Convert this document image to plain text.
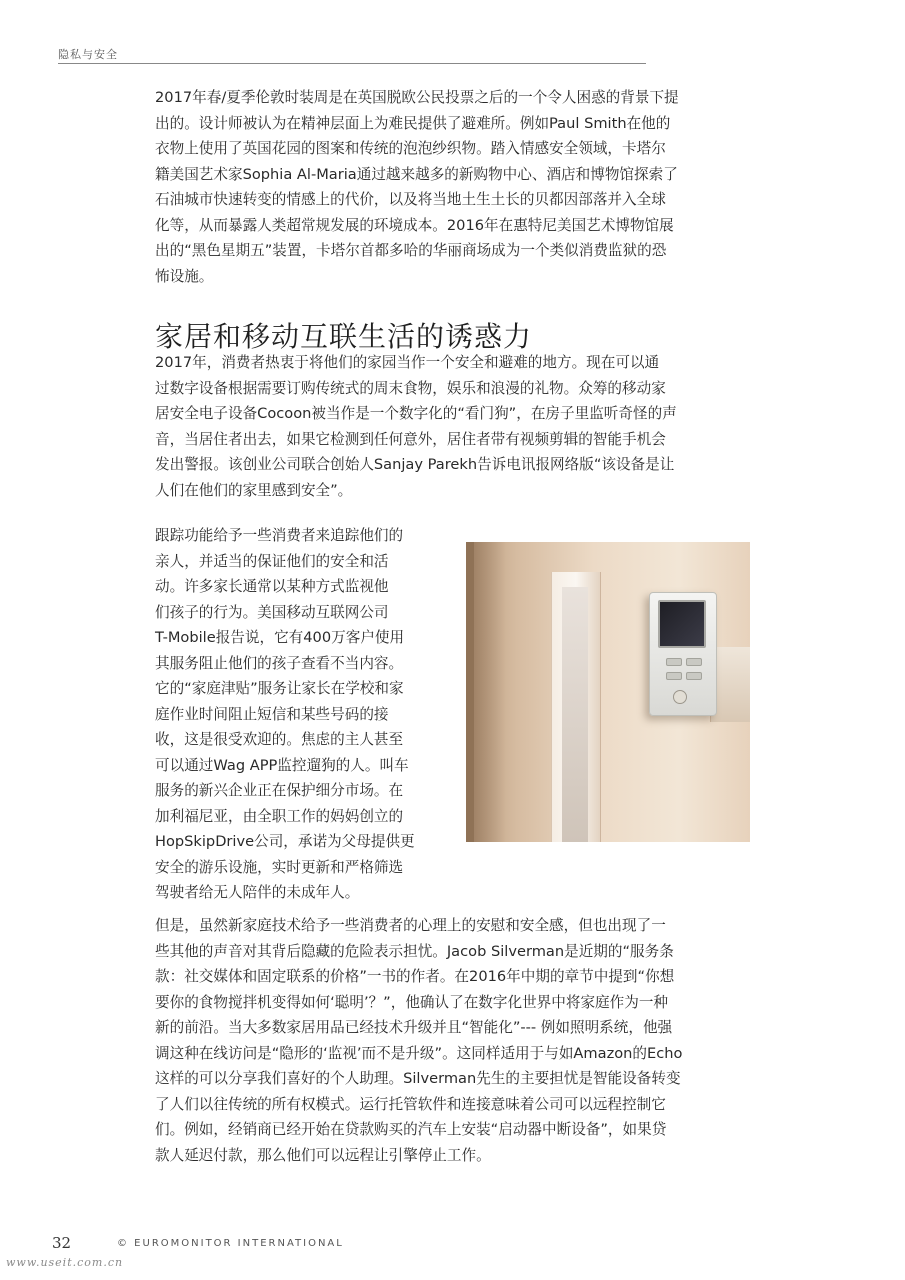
隐私与安全

2017年春/夏季伦敦时装周是在英国脱欧公民投票之后的一个令人困惑的背景下提
出的。设计师被认为在精神层面上为难民提供了避难所。例如Paul Smith在他的
衣物上使用了英国花园的图案和传统的泡泡纱织物。踏入情感安全领域，卡塔尔
籍美国艺术家Sophia Al-Maria通过越来越多的新购物中心、酒店和博物馆探索了
石油城市快速转变的情感上的代价，以及将当地土生土长的贝都因部落并入全球
化等，从而暴露人类超常规发展的环境成本。2016年在惠特尼美国艺术博物馆展
出的“黑色星期五”装置，卡塔尔首都多哈的华丽商场成为一个类似消费监狱的恐
怖设施。

家居和移动互联生活的诱惑力

2017年，消费者热衷于将他们的家园当作一个安全和避难的地方。现在可以通
过数字设备根据需要订购传统式的周末食物，娱乐和浪漫的礼物。众筹的移动家
居安全电子设备Cocoon被当作是一个数字化的“看门狗”，在房子里监听奇怪的声
音，当居住者出去，如果它检测到任何意外，居住者带有视频剪辑的智能手机会
发出警报。该创业公司联合创始人Sanjay Parekh告诉电讯报网络版“该设备是让
人们在他们的家里感到安全”。

跟踪功能给予一些消费者来追踪他们的
亲人，并适当的保证他们的安全和活
动。许多家长通常以某种方式监视他
们孩子的行为。美国移动互联网公司
T-Mobile报告说，它有400万客户使用
其服务阻止他们的孩子查看不当内容。
它的“家庭津贴”服务让家长在学校和家
庭作业时间阻止短信和某些号码的接
收，这是很受欢迎的。焦虑的主人甚至
可以通过Wag APP监控遛狗的人。叫车
服务的新兴企业正在保护细分市场。在
加利福尼亚，由全职工作的妈妈创立的
HopSkipDrive公司，承诺为父母提供更
安全的游乐设施，实时更新和严格筛选
驾驶者给无人陪伴的未成年人。

但是，虽然新家庭技术给予一些消费者的心理上的安慰和安全感，但也出现了一
些其他的声音对其背后隐藏的危险表示担忧。Jacob Silverman是近期的“服务条
款：社交媒体和固定联系的价格”一书的作者。在2016年中期的章节中提到“你想
要你的食物搅拌机变得如何‘聪明’？”，他确认了在数字化世界中将家庭作为一种
新的前沿。当大多数家居用品已经技术升级并且“智能化”--- 例如照明系统，他强
调这种在线访问是“隐形的‘监视’而不是升级”。这同样适用于与如Amazon的Echo
这样的可以分享我们喜好的个人助理。Silverman先生的主要担忧是智能设备转变
了人们以往传统的所有权模式。运行托管软件和连接意味着公司可以远程控制它
们。例如，经销商已经开始在贷款购买的汽车上安装“启动器中断设备”，如果贷
款人延迟付款，那么他们可以远程让引擎停止工作。

32	© EUROMONITOR INTERNATIONAL
www.useit.com.cn
